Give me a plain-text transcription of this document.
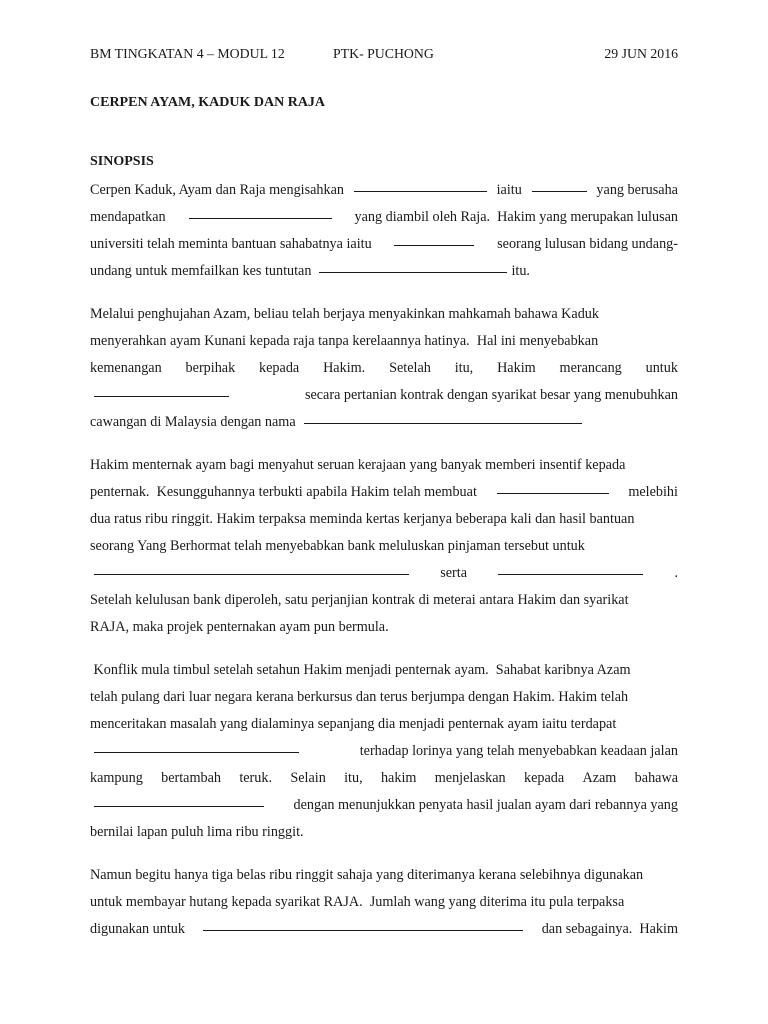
BM TINGKATAN 4 – MODUL 12	PTK- PUCHONG	29 JUN 2016
CERPEN AYAM, KADUK DAN RAJA
SINOPSIS
Cerpen Kaduk, Ayam dan Raja mengisahkan	iaitu	yang berusaha
mendapatkan	yang diambil oleh Raja.  Hakim yang merupakan lulusan
universiti telah meminta bantuan sahabatnya iaitu	seorang lulusan bidang undang-
undang untuk memfailkan kes tuntutan	itu.
Melalui penghujahan Azam, beliau telah berjaya menyakinkan mahkamah bahawa Kaduk
menyerahkan ayam Kunani kepada raja tanpa kerelaannya hatinya.  Hal ini menyebabkan
kemenangan berpihak kepada Hakim. Setelah itu, Hakim merancang untuk
secara pertanian kontrak dengan syarikat besar yang menubuhkan
cawangan di Malaysia dengan nama
Hakim menternak ayam bagi menyahut seruan kerajaan yang banyak memberi insentif kepada
penternak.  Kesungguhannya terbukti apabila Hakim telah membuat	melebihi
dua ratus ribu ringgit. Hakim terpaksa meminda kertas kerjanya beberapa kali dan hasil bantuan
seorang Yang Berhormat telah menyebabkan bank meluluskan pinjaman tersebut untuk
serta	.
Setelah kelulusan bank diperoleh, satu perjanjian kontrak di meterai antara Hakim dan syarikat
RAJA, maka projek penternakan ayam pun bermula.
Konflik mula timbul setelah setahun Hakim menjadi penternak ayam.  Sahabat karibnya Azam
telah pulang dari luar negara kerana berkursus dan terus berjumpa dengan Hakim. Hakim telah
menceritakan masalah yang dialaminya sepanjang dia menjadi penternak ayam iaitu terdapat
terhadap lorinya yang telah menyebabkan keadaan jalan
kampung bertambah teruk. Selain itu, hakim menjelaskan kepada Azam bahawa
dengan menunjukkan penyata hasil jualan ayam dari rebannya yang
bernilai lapan puluh lima ribu ringgit.
Namun begitu hanya tiga belas ribu ringgit sahaja yang diterimanya kerana selebihnya digunakan
untuk membayar hutang kepada syarikat RAJA.  Jumlah wang yang diterima itu pula terpaksa
digunakan untuk	dan sebagainya.  Hakim
